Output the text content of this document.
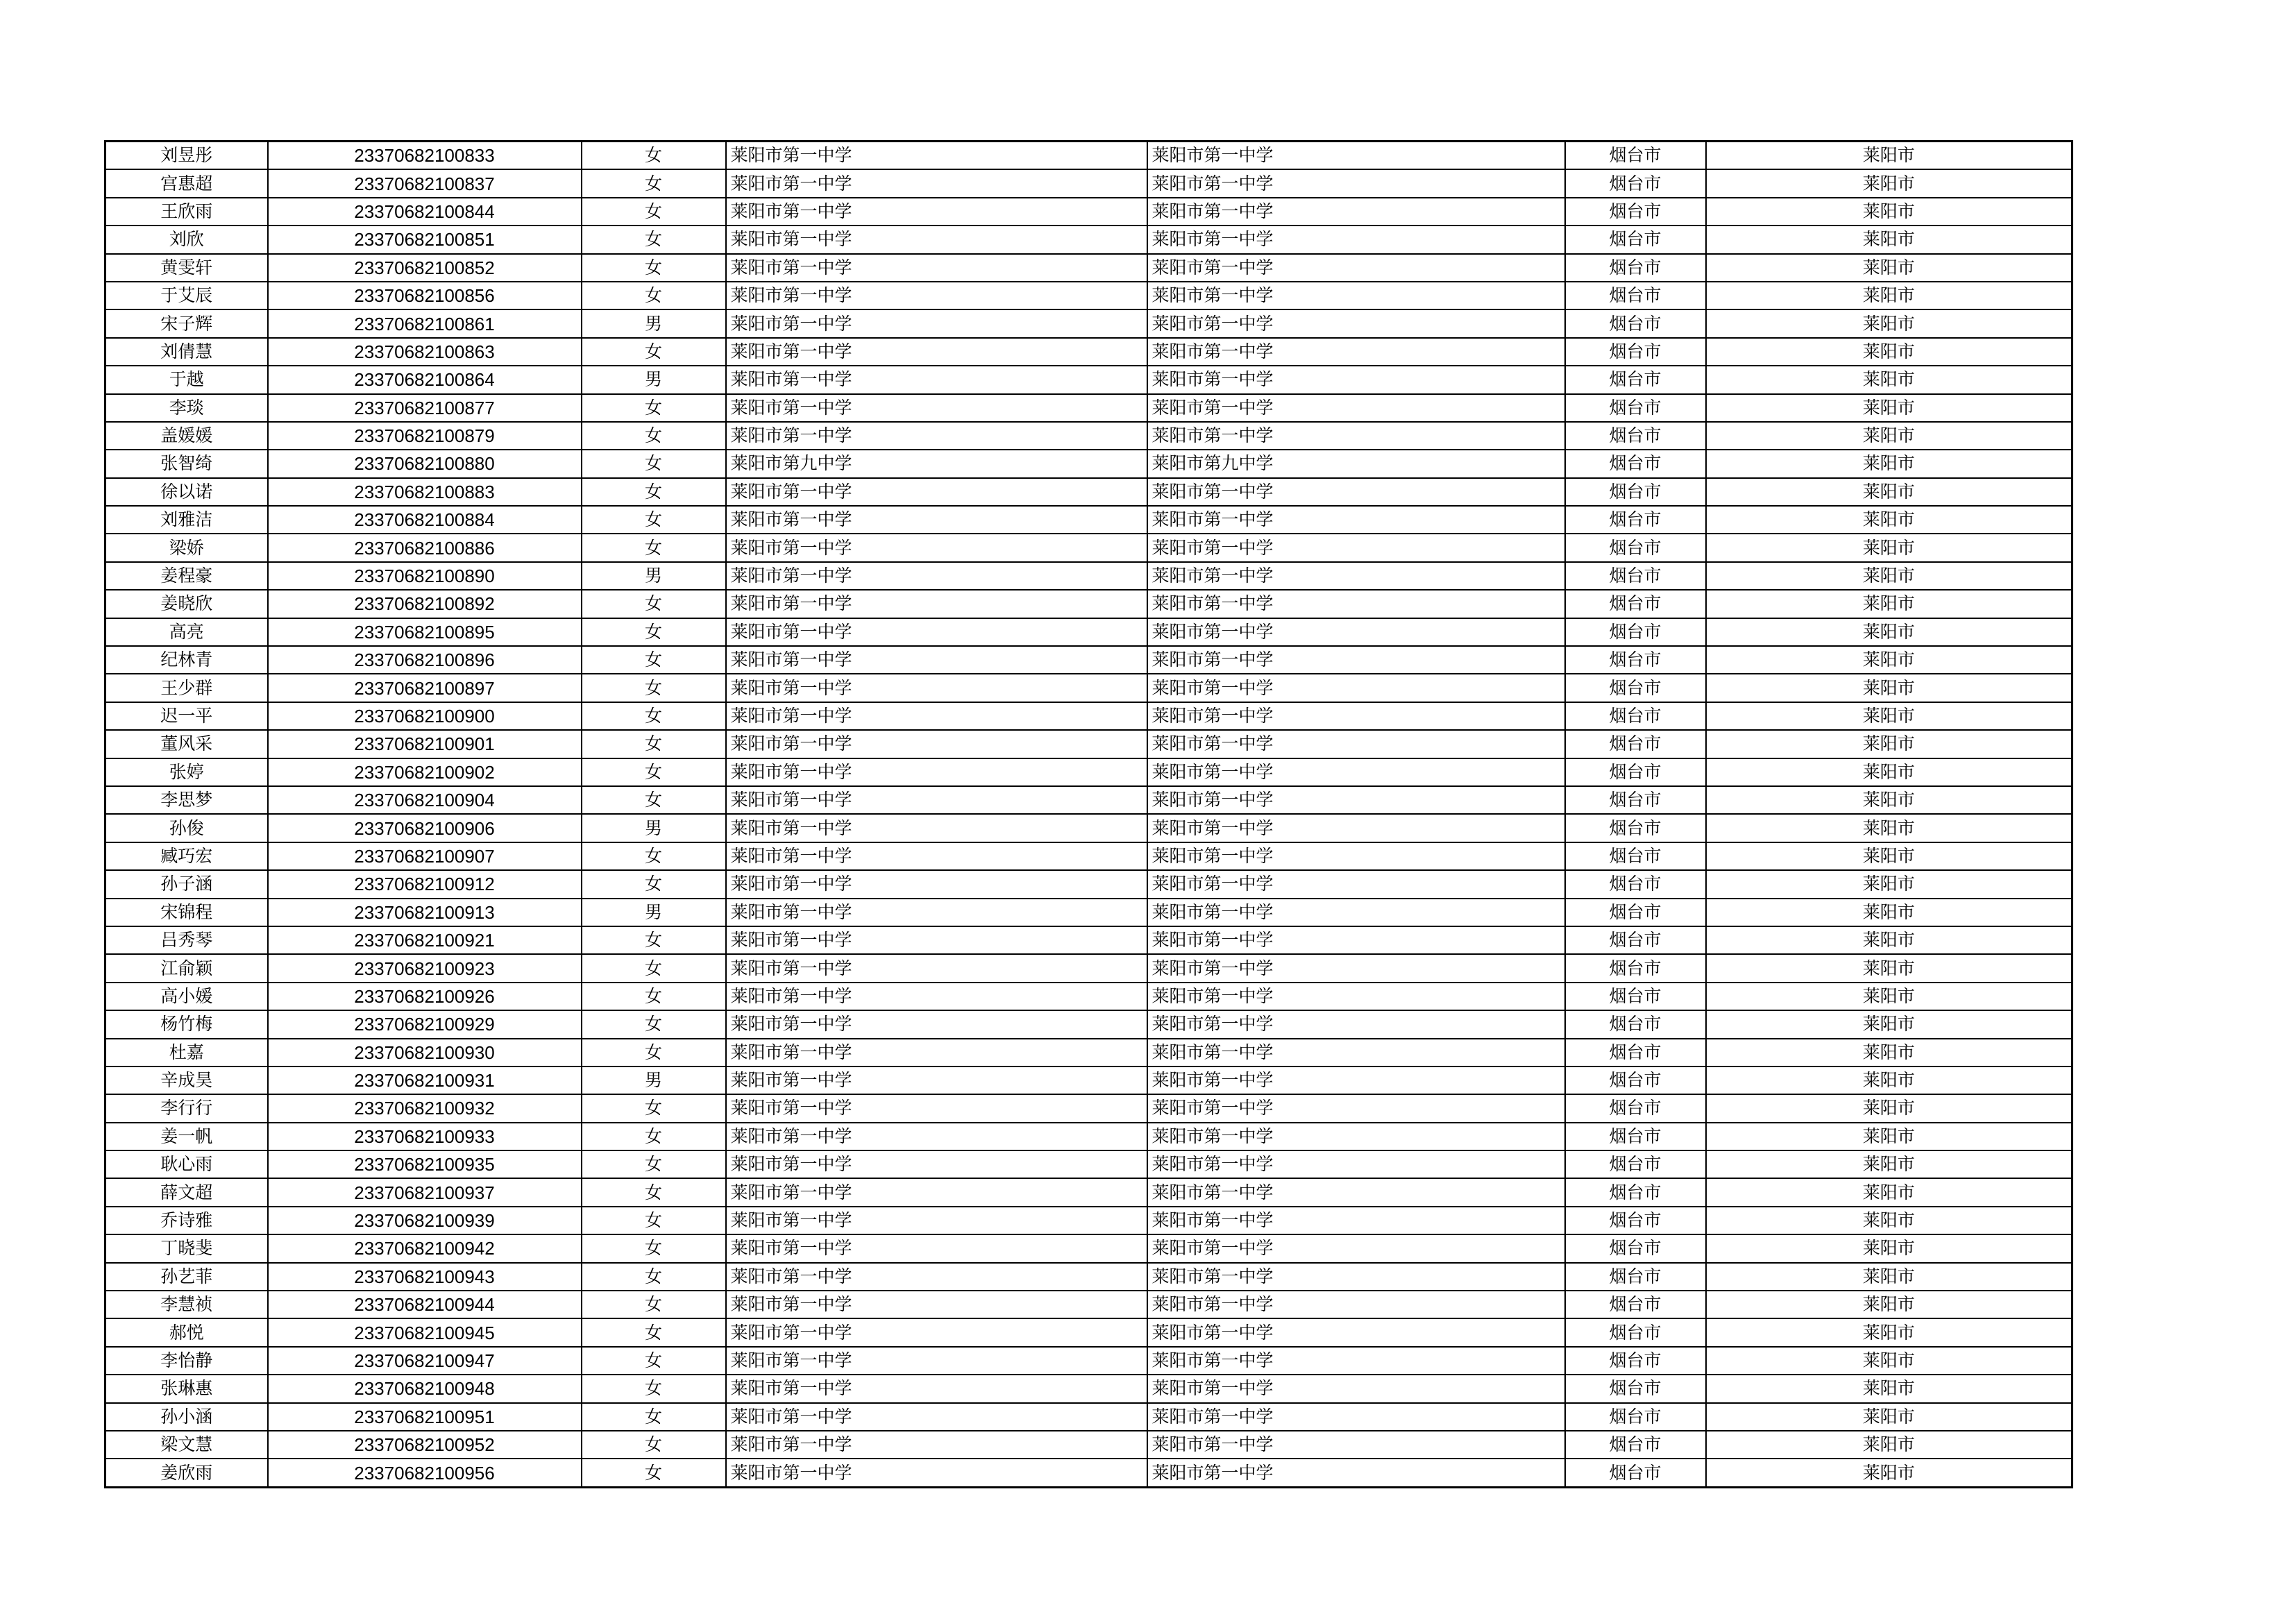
刘昱彤	23370682100833	女	莱阳市第一中学	莱阳市第一中学	烟台市	莱阳市
宫惠超	23370682100837	女	莱阳市第一中学	莱阳市第一中学	烟台市	莱阳市
王欣雨	23370682100844	女	莱阳市第一中学	莱阳市第一中学	烟台市	莱阳市
刘欣	23370682100851	女	莱阳市第一中学	莱阳市第一中学	烟台市	莱阳市
黄雯轩	23370682100852	女	莱阳市第一中学	莱阳市第一中学	烟台市	莱阳市
于艾辰	23370682100856	女	莱阳市第一中学	莱阳市第一中学	烟台市	莱阳市
宋子辉	23370682100861	男	莱阳市第一中学	莱阳市第一中学	烟台市	莱阳市
刘倩慧	23370682100863	女	莱阳市第一中学	莱阳市第一中学	烟台市	莱阳市
于越	23370682100864	男	莱阳市第一中学	莱阳市第一中学	烟台市	莱阳市
李琰	23370682100877	女	莱阳市第一中学	莱阳市第一中学	烟台市	莱阳市
盖媛媛	23370682100879	女	莱阳市第一中学	莱阳市第一中学	烟台市	莱阳市
张智绮	23370682100880	女	莱阳市第九中学	莱阳市第九中学	烟台市	莱阳市
徐以诺	23370682100883	女	莱阳市第一中学	莱阳市第一中学	烟台市	莱阳市
刘雅洁	23370682100884	女	莱阳市第一中学	莱阳市第一中学	烟台市	莱阳市
梁娇	23370682100886	女	莱阳市第一中学	莱阳市第一中学	烟台市	莱阳市
姜程豪	23370682100890	男	莱阳市第一中学	莱阳市第一中学	烟台市	莱阳市
姜晓欣	23370682100892	女	莱阳市第一中学	莱阳市第一中学	烟台市	莱阳市
高亮	23370682100895	女	莱阳市第一中学	莱阳市第一中学	烟台市	莱阳市
纪林青	23370682100896	女	莱阳市第一中学	莱阳市第一中学	烟台市	莱阳市
王少群	23370682100897	女	莱阳市第一中学	莱阳市第一中学	烟台市	莱阳市
迟一平	23370682100900	女	莱阳市第一中学	莱阳市第一中学	烟台市	莱阳市
董风采	23370682100901	女	莱阳市第一中学	莱阳市第一中学	烟台市	莱阳市
张婷	23370682100902	女	莱阳市第一中学	莱阳市第一中学	烟台市	莱阳市
李思梦	23370682100904	女	莱阳市第一中学	莱阳市第一中学	烟台市	莱阳市
孙俊	23370682100906	男	莱阳市第一中学	莱阳市第一中学	烟台市	莱阳市
臧巧宏	23370682100907	女	莱阳市第一中学	莱阳市第一中学	烟台市	莱阳市
孙子涵	23370682100912	女	莱阳市第一中学	莱阳市第一中学	烟台市	莱阳市
宋锦程	23370682100913	男	莱阳市第一中学	莱阳市第一中学	烟台市	莱阳市
吕秀琴	23370682100921	女	莱阳市第一中学	莱阳市第一中学	烟台市	莱阳市
江俞颖	23370682100923	女	莱阳市第一中学	莱阳市第一中学	烟台市	莱阳市
高小媛	23370682100926	女	莱阳市第一中学	莱阳市第一中学	烟台市	莱阳市
杨竹梅	23370682100929	女	莱阳市第一中学	莱阳市第一中学	烟台市	莱阳市
杜嘉	23370682100930	女	莱阳市第一中学	莱阳市第一中学	烟台市	莱阳市
辛成昊	23370682100931	男	莱阳市第一中学	莱阳市第一中学	烟台市	莱阳市
李行行	23370682100932	女	莱阳市第一中学	莱阳市第一中学	烟台市	莱阳市
姜一帆	23370682100933	女	莱阳市第一中学	莱阳市第一中学	烟台市	莱阳市
耿心雨	23370682100935	女	莱阳市第一中学	莱阳市第一中学	烟台市	莱阳市
薛文超	23370682100937	女	莱阳市第一中学	莱阳市第一中学	烟台市	莱阳市
乔诗雅	23370682100939	女	莱阳市第一中学	莱阳市第一中学	烟台市	莱阳市
丁晓斐	23370682100942	女	莱阳市第一中学	莱阳市第一中学	烟台市	莱阳市
孙艺菲	23370682100943	女	莱阳市第一中学	莱阳市第一中学	烟台市	莱阳市
李慧祯	23370682100944	女	莱阳市第一中学	莱阳市第一中学	烟台市	莱阳市
郝悦	23370682100945	女	莱阳市第一中学	莱阳市第一中学	烟台市	莱阳市
李怡静	23370682100947	女	莱阳市第一中学	莱阳市第一中学	烟台市	莱阳市
张琳惠	23370682100948	女	莱阳市第一中学	莱阳市第一中学	烟台市	莱阳市
孙小涵	23370682100951	女	莱阳市第一中学	莱阳市第一中学	烟台市	莱阳市
梁文慧	23370682100952	女	莱阳市第一中学	莱阳市第一中学	烟台市	莱阳市
姜欣雨	23370682100956	女	莱阳市第一中学	莱阳市第一中学	烟台市	莱阳市
